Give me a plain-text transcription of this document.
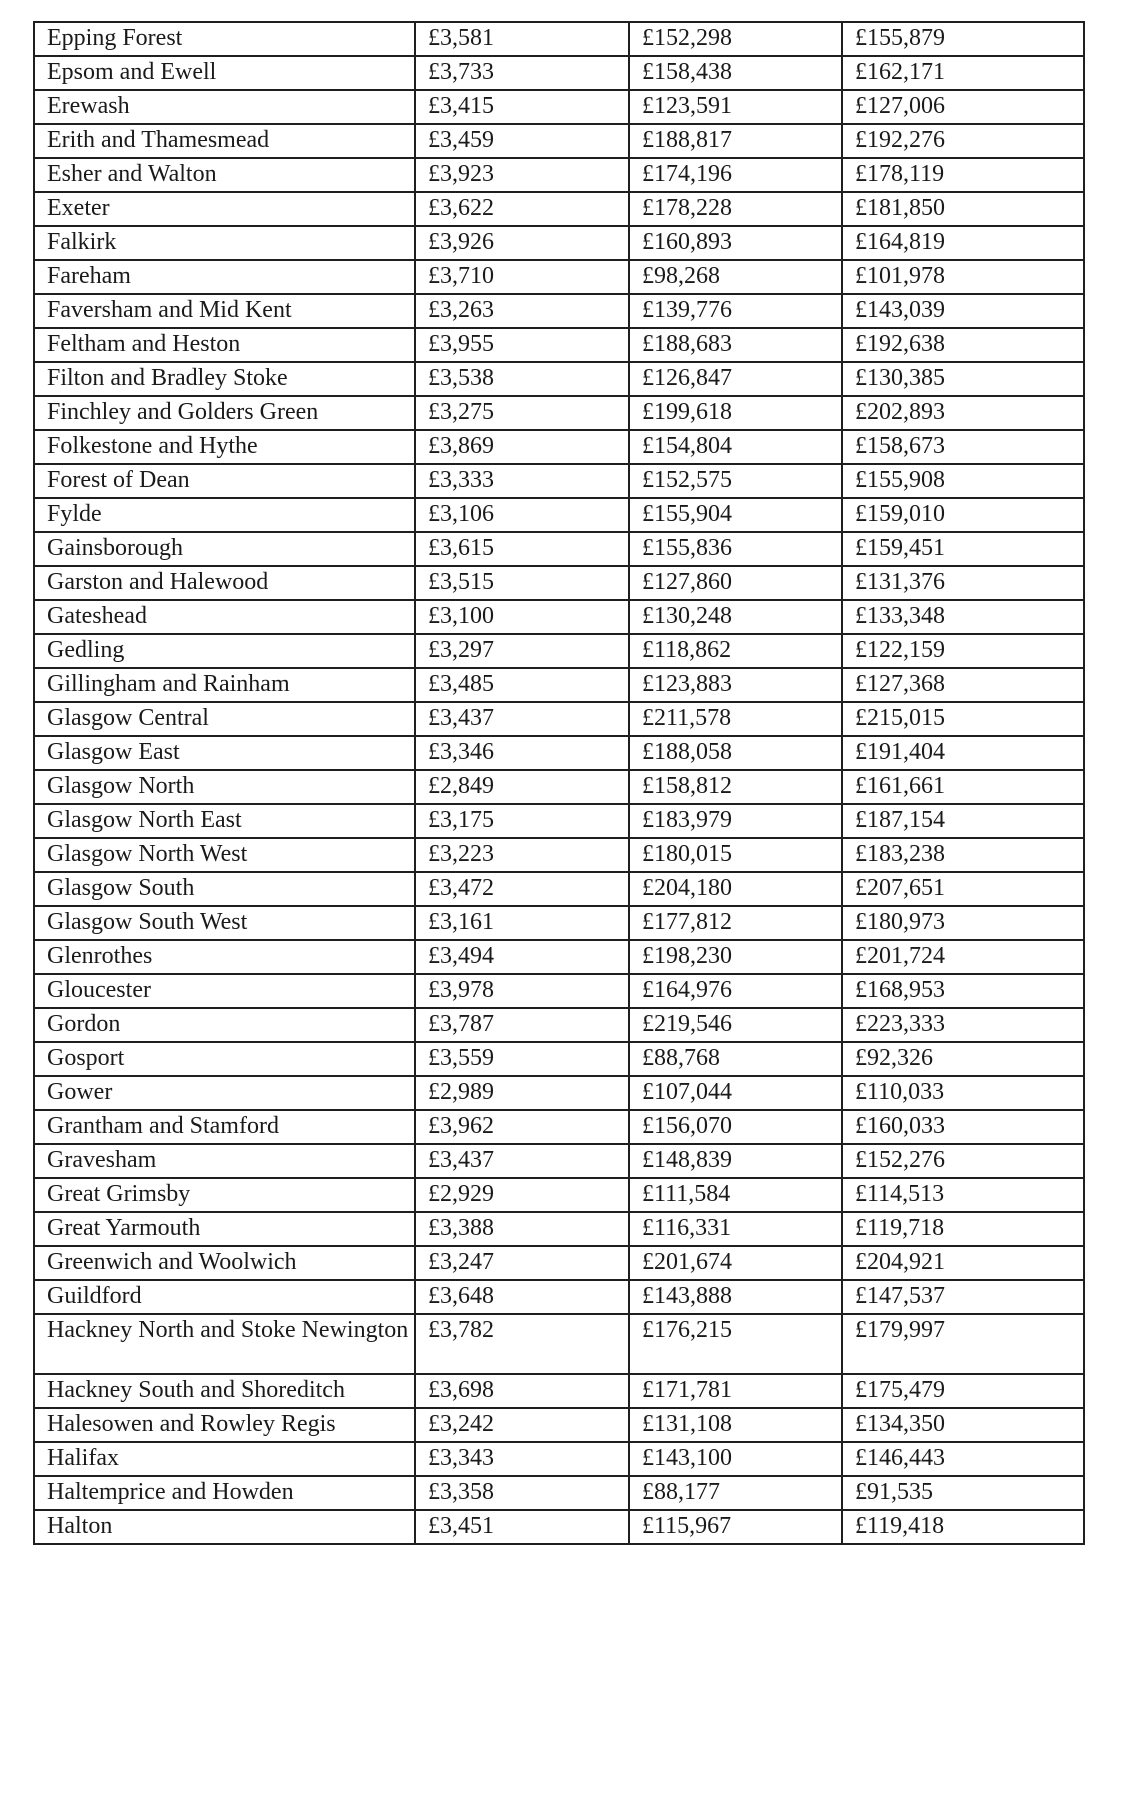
Epping Forest	£3,581	£152,298	£155,879
Epsom and Ewell	£3,733	£158,438	£162,171
Erewash	£3,415	£123,591	£127,006
Erith and Thamesmead	£3,459	£188,817	£192,276
Esher and Walton	£3,923	£174,196	£178,119
Exeter	£3,622	£178,228	£181,850
Falkirk	£3,926	£160,893	£164,819
Fareham	£3,710	£98,268	£101,978
Faversham and Mid Kent	£3,263	£139,776	£143,039
Feltham and Heston	£3,955	£188,683	£192,638
Filton and Bradley Stoke	£3,538	£126,847	£130,385
Finchley and Golders Green	£3,275	£199,618	£202,893
Folkestone and Hythe	£3,869	£154,804	£158,673
Forest of Dean	£3,333	£152,575	£155,908
Fylde	£3,106	£155,904	£159,010
Gainsborough	£3,615	£155,836	£159,451
Garston and Halewood	£3,515	£127,860	£131,376
Gateshead	£3,100	£130,248	£133,348
Gedling	£3,297	£118,862	£122,159
Gillingham and Rainham	£3,485	£123,883	£127,368
Glasgow Central	£3,437	£211,578	£215,015
Glasgow East	£3,346	£188,058	£191,404
Glasgow North	£2,849	£158,812	£161,661
Glasgow North East	£3,175	£183,979	£187,154
Glasgow North West	£3,223	£180,015	£183,238
Glasgow South	£3,472	£204,180	£207,651
Glasgow South West	£3,161	£177,812	£180,973
Glenrothes	£3,494	£198,230	£201,724
Gloucester	£3,978	£164,976	£168,953
Gordon	£3,787	£219,546	£223,333
Gosport	£3,559	£88,768	£92,326
Gower	£2,989	£107,044	£110,033
Grantham and Stamford	£3,962	£156,070	£160,033
Gravesham	£3,437	£148,839	£152,276
Great Grimsby	£2,929	£111,584	£114,513
Great Yarmouth	£3,388	£116,331	£119,718
Greenwich and Woolwich	£3,247	£201,674	£204,921
Guildford	£3,648	£143,888	£147,537
Hackney North and Stoke Newington	£3,782	£176,215	£179,997
Hackney South and Shoreditch	£3,698	£171,781	£175,479
Halesowen and Rowley Regis	£3,242	£131,108	£134,350
Halifax	£3,343	£143,100	£146,443
Haltemprice and Howden	£3,358	£88,177	£91,535
Halton	£3,451	£115,967	£119,418
